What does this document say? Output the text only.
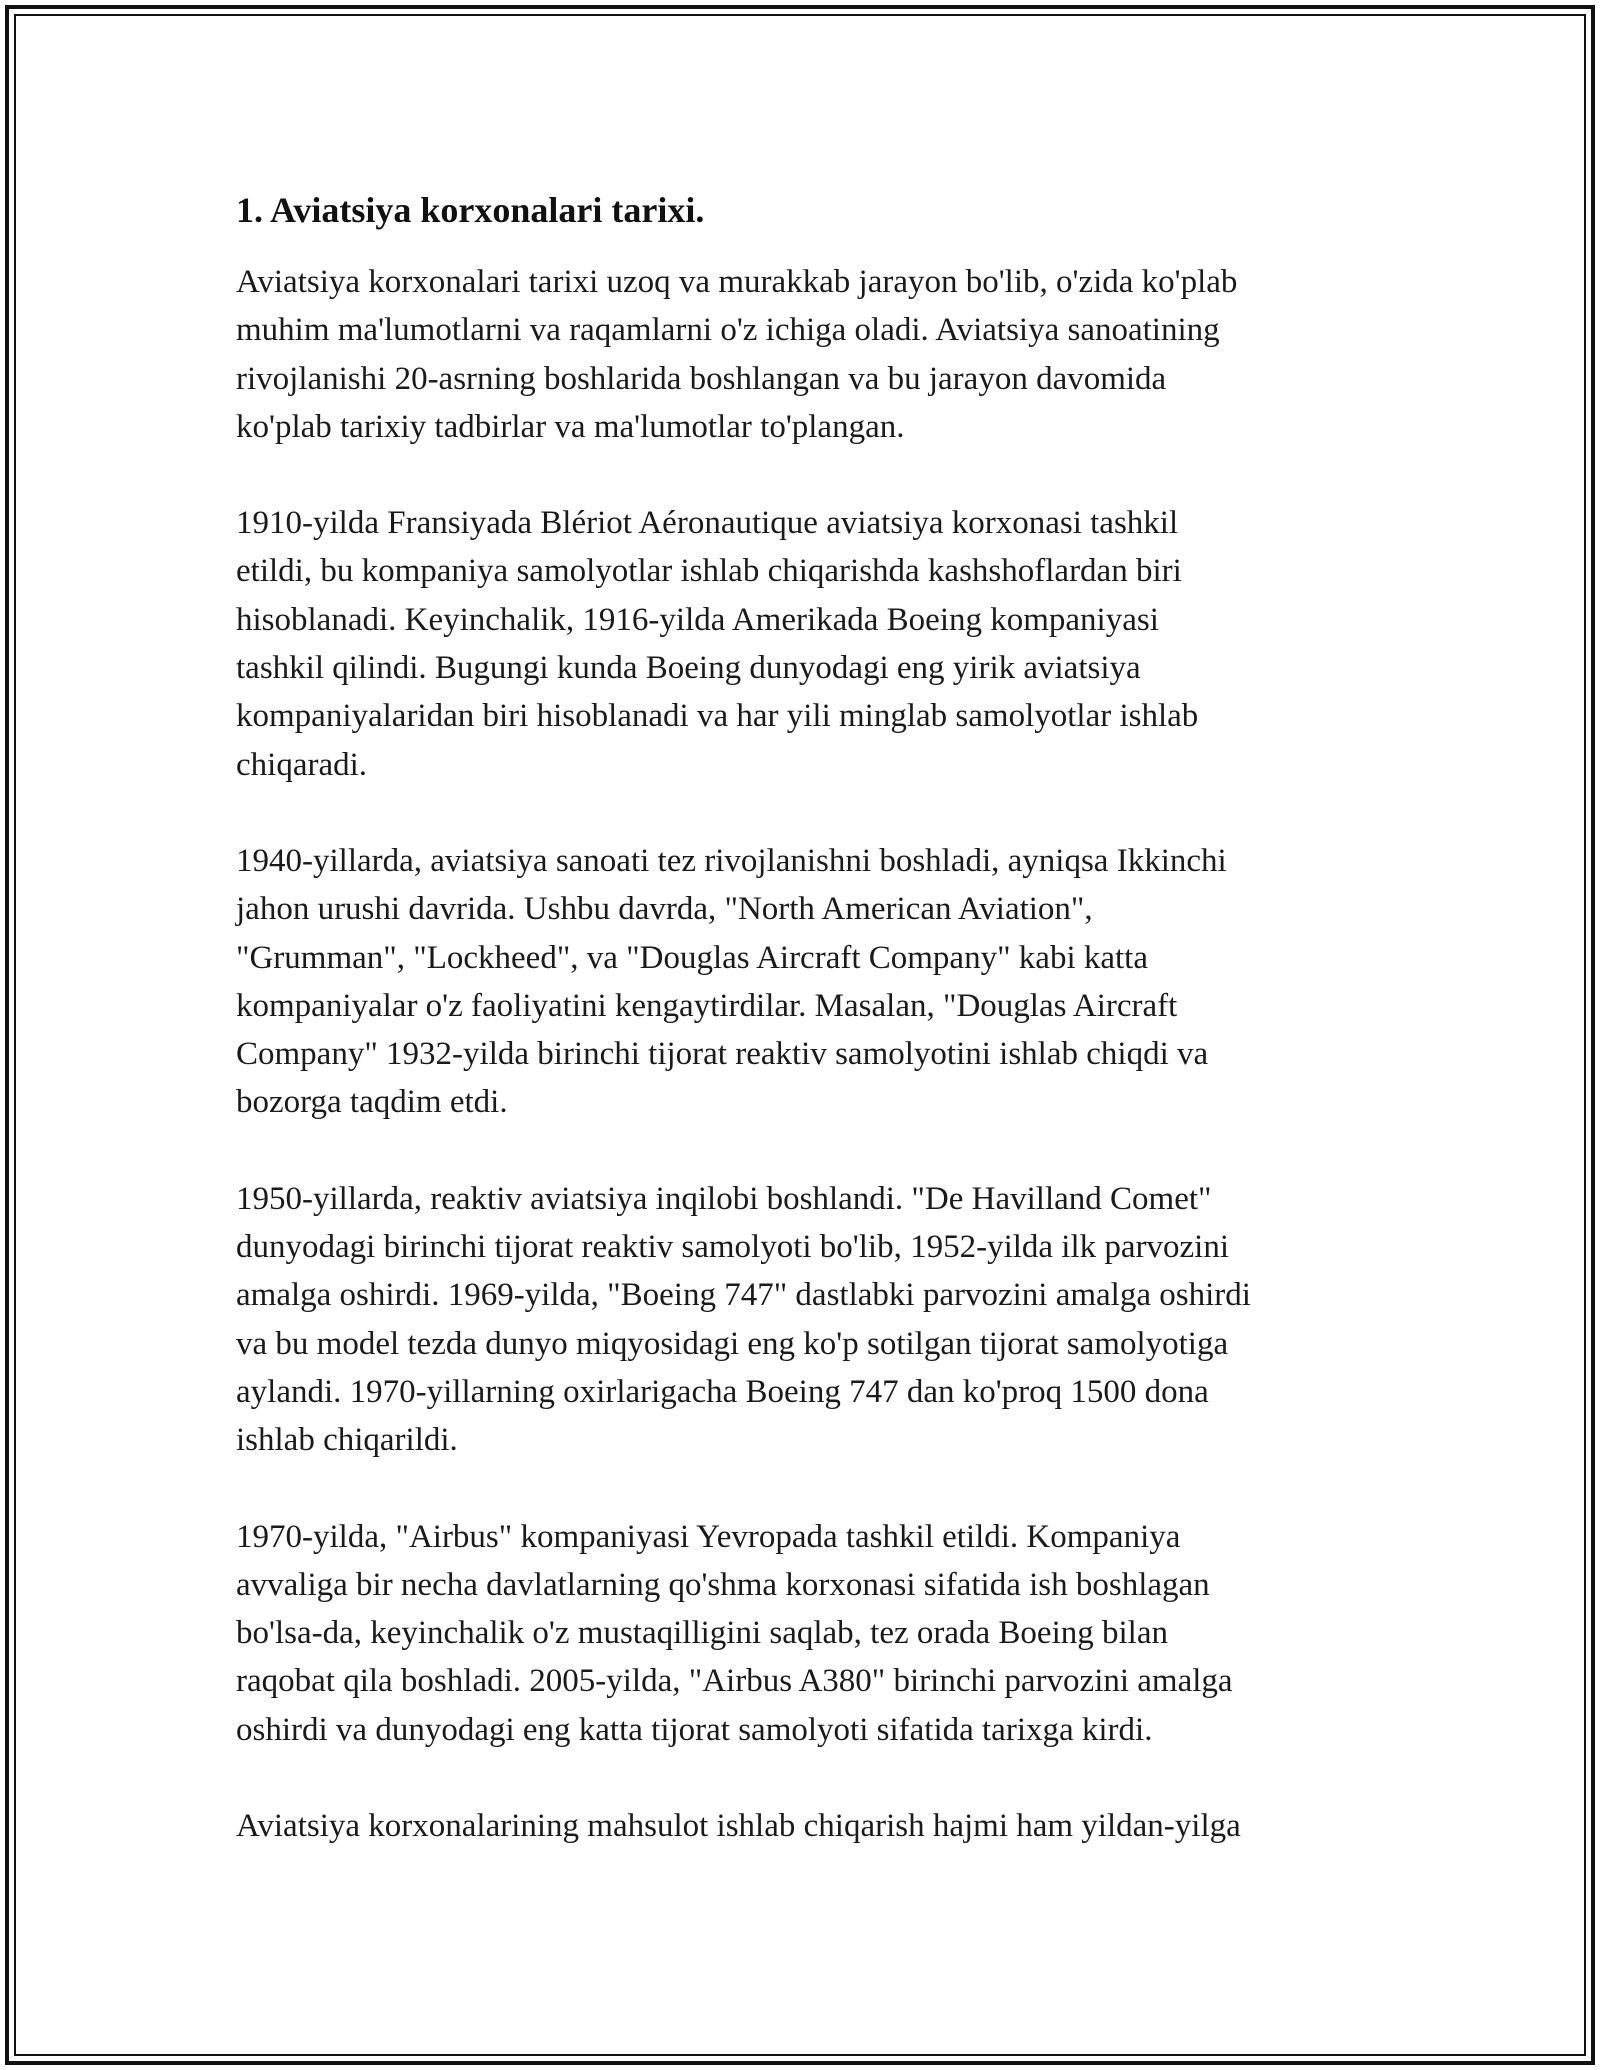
1. Aviatsiya korxonalari tarixi.
Aviatsiya korxonalari tarixi uzoq va murakkab jarayon bo'lib, o'zida ko'plab
muhim ma'lumotlarni va raqamlarni o'z ichiga oladi. Aviatsiya sanoatining
rivojlanishi 20-asrning boshlarida boshlangan va bu jarayon davomida
ko'plab tarixiy tadbirlar va ma'lumotlar to'plangan.
1910-yilda Fransiyada Blériot Aéronautique aviatsiya korxonasi tashkil
etildi, bu kompaniya samolyotlar ishlab chiqarishda kashshoflardan biri
hisoblanadi. Keyinchalik, 1916-yilda Amerikada Boeing kompaniyasi
tashkil qilindi. Bugungi kunda Boeing dunyodagi eng yirik aviatsiya
kompaniyalaridan biri hisoblanadi va har yili minglab samolyotlar ishlab
chiqaradi.
1940-yillarda, aviatsiya sanoati tez rivojlanishni boshladi, ayniqsa Ikkinchi
jahon urushi davrida. Ushbu davrda, "North American Aviation",
"Grumman", "Lockheed", va "Douglas Aircraft Company" kabi katta
kompaniyalar o'z faoliyatini kengaytirdilar. Masalan, "Douglas Aircraft
Company" 1932-yilda birinchi tijorat reaktiv samolyotini ishlab chiqdi va
bozorga taqdim etdi.
1950-yillarda, reaktiv aviatsiya inqilobi boshlandi. "De Havilland Comet"
dunyodagi birinchi tijorat reaktiv samolyoti bo'lib, 1952-yilda ilk parvozini
amalga oshirdi. 1969-yilda, "Boeing 747" dastlabki parvozini amalga oshirdi
va bu model tezda dunyo miqyosidagi eng ko'p sotilgan tijorat samolyotiga
aylandi. 1970-yillarning oxirlarigacha Boeing 747 dan ko'proq 1500 dona
ishlab chiqarildi.
1970-yilda, "Airbus" kompaniyasi Yevropada tashkil etildi. Kompaniya
avvaliga bir necha davlatlarning qo'shma korxonasi sifatida ish boshlagan
bo'lsa-da, keyinchalik o'z mustaqilligini saqlab, tez orada Boeing bilan
raqobat qila boshladi. 2005-yilda, "Airbus A380" birinchi parvozini amalga
oshirdi va dunyodagi eng katta tijorat samolyoti sifatida tarixga kirdi.
Aviatsiya korxonalarining mahsulot ishlab chiqarish hajmi ham yildan-yilga
